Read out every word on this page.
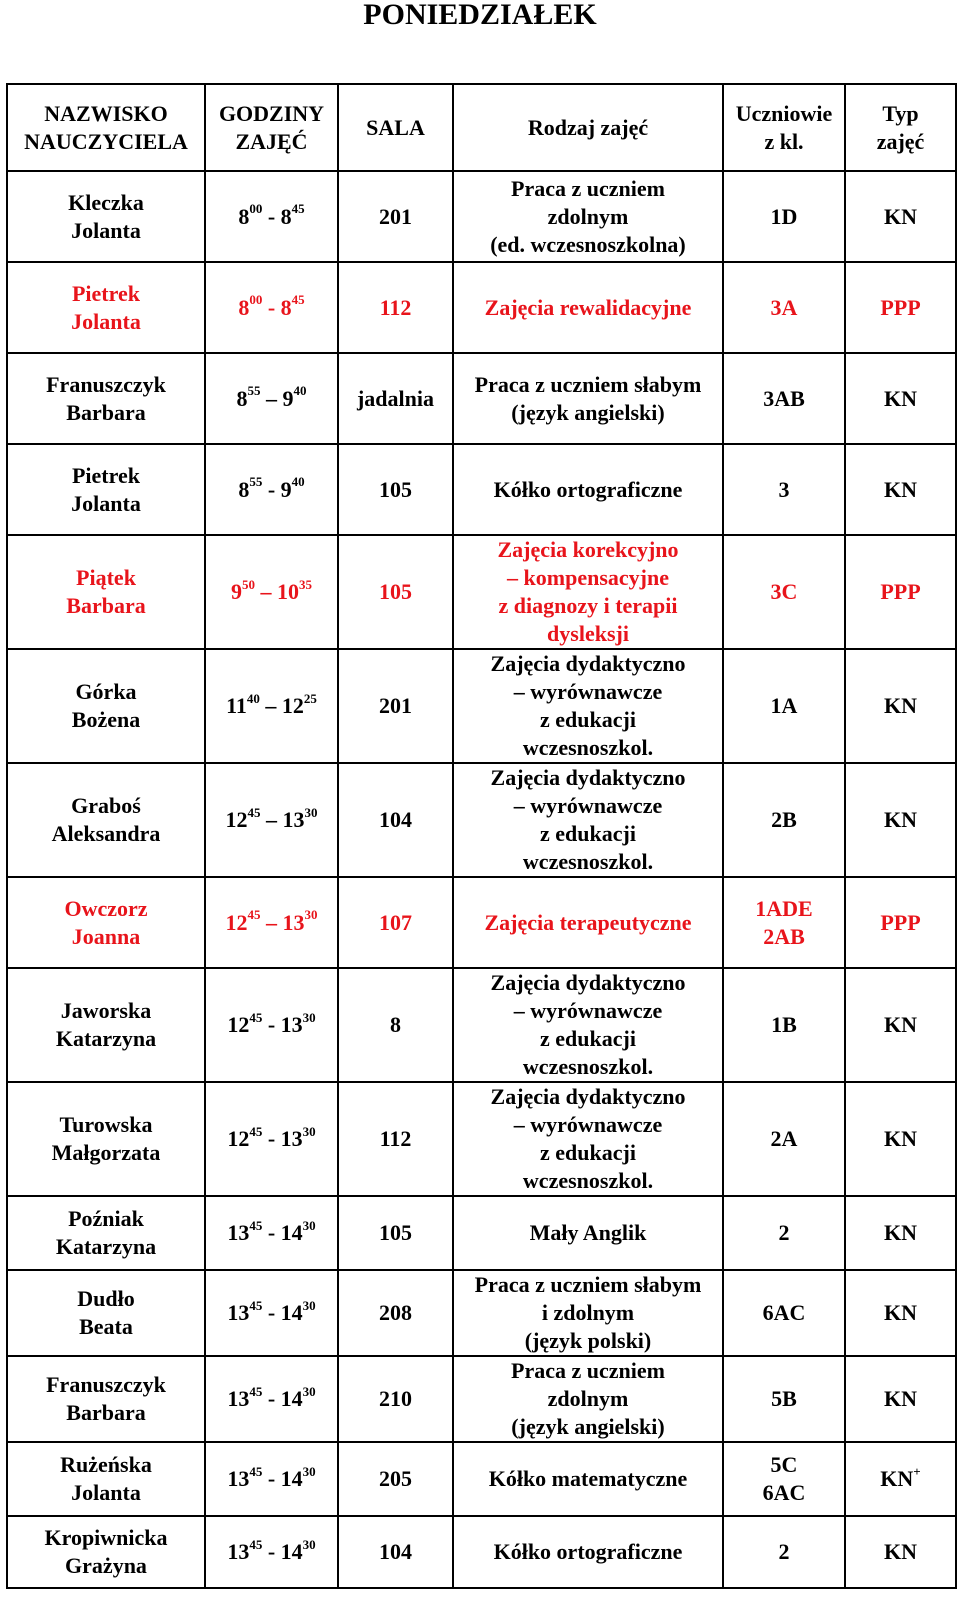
PONIEDZIAŁEK
NAZWISKO
NAUCZYCIELA	GODZINY
ZAJĘĆ	SALA	Rodzaj zajęć	Uczniowie
z kl.	Typ
zajęć

Kleczka
Jolanta	$8^{00} - 8^{45}$	201	Praca z uczniem
zdolnym
(ed. wczesnoszkolna)	1D	KN

Pietrek
Jolanta	$8^{00} - 8^{45}$	112	Zajęcia rewalidacyjne	3A	PPP

Franuszczyk
Barbara	$8^{55} - 9^{40}$	jadalnia	Praca z uczniem słabym
(język angielski)	3AB	KN

Pietrek
Jolanta	$8^{55} - 9^{40}$	105	Kółko ortograficzne	3	KN

Piątek
Barbara	$9^{50} - 10^{35}$	105	Zajęcia korekcyjno
– kompensacyjne
z diagnozy i terapii
dysleksji	3C	PPP

Górka
Bożena	$11^{40} - 12^{25}$	201	Zajęcia dydaktyczno
– wyrównawcze
z edukacji
wczesnoszkol.	1A	KN

Graboś
Aleksandra	$12^{45} - 13^{30}$	104	Zajęcia dydaktyczno
– wyrównawcze
z edukacji
wczesnoszkol.	2B	KN

Owczorz
Joanna	$12^{45} - 13^{30}$	107	Zajęcia terapeutyczne	1ADE
2AB	PPP

Jaworska
Katarzyna	$12^{45} - 13^{30}$	8	Zajęcia dydaktyczno
– wyrównawcze
z edukacji
wczesnoszkol.	1B	KN

Turowska
Małgorzata	$12^{45} - 13^{30}$	112	Zajęcia dydaktyczno
– wyrównawcze
z edukacji
wczesnoszkol.	2A	KN

Poźniak
Katarzyna	$13^{45} - 14^{30}$	105	Mały Anglik	2	KN

Dudło
Beata	$13^{45} - 14^{30}$	208	Praca z uczniem słabym
i zdolnym
(język polski)	6AC	KN

Franuszczyk
Barbara	$13^{45} - 14^{30}$	210	Praca z uczniem
zdolnym
(język angielski)	5B	KN

Rużeńska
Jolanta	$13^{45} - 14^{30}$	205	Kółko matematyczne	5C
6AC	KN+

Kropiwnicka
Grażyna	$13^{45} - 14^{30}$	104	Kółko ortograficzne	2	KN
